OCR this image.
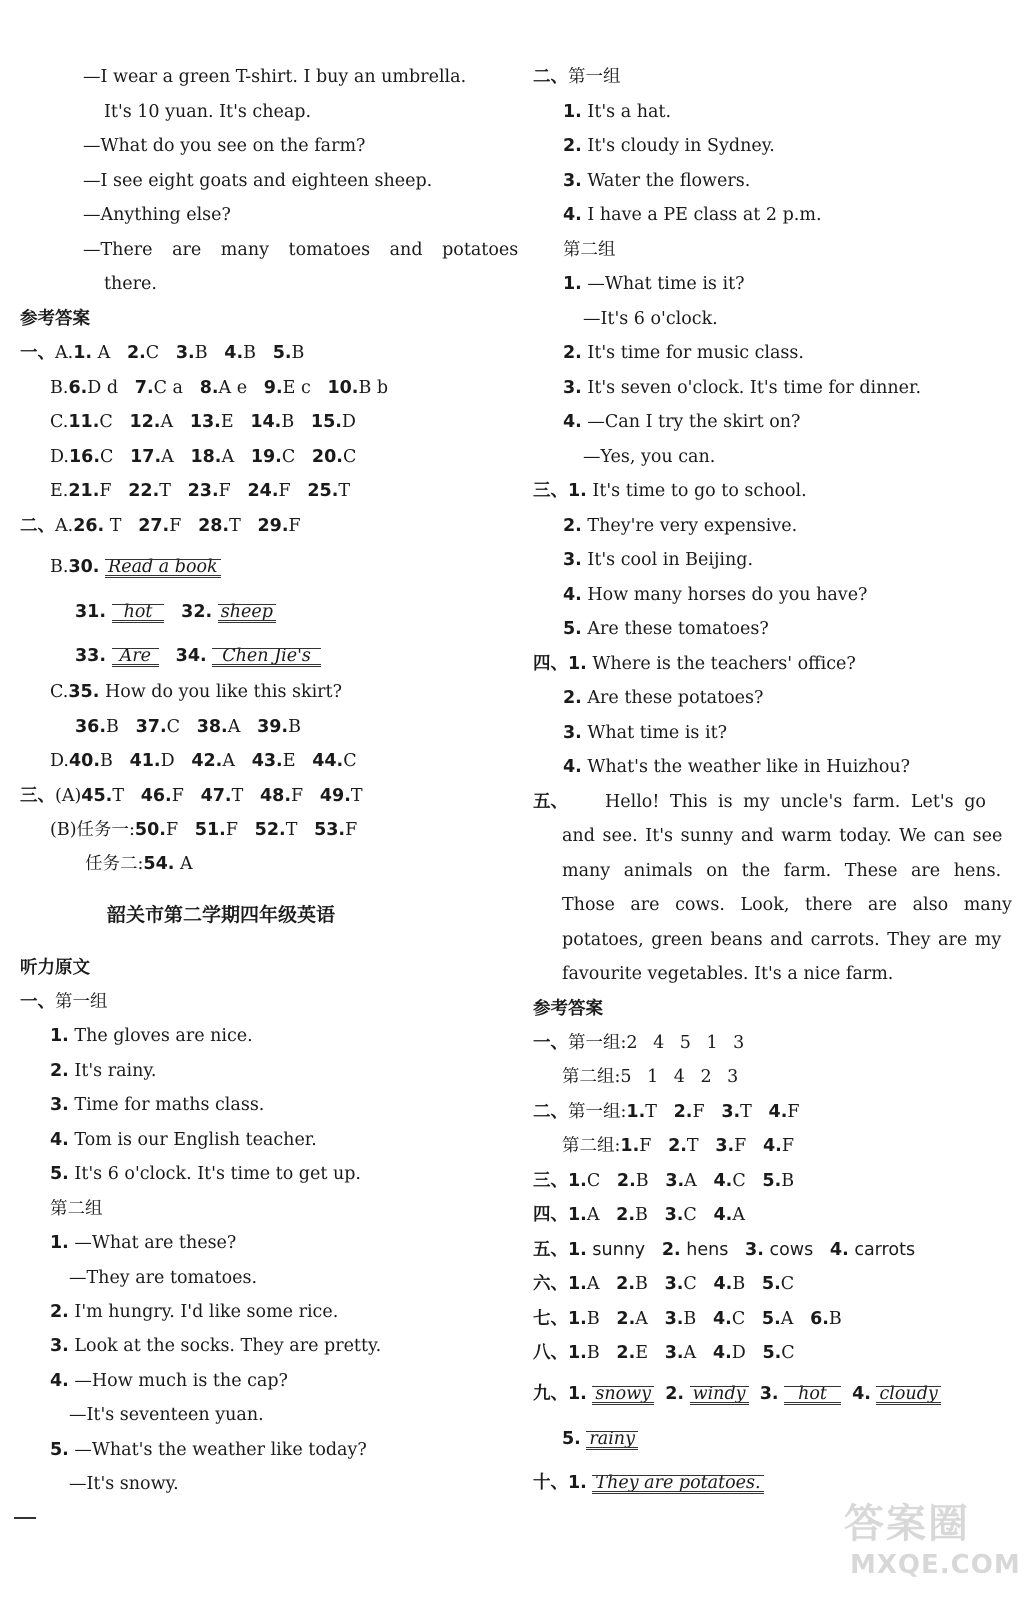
—I wear a green T-shirt. I buy an umbrella.
It's 10 yuan. It's cheap.
—What do you see on the farm?
—I see eight goats and eighteen sheep.
—Anything else?
—There are many tomatoes and potatoes
there.
参考答案
一、A.1. A 2.C 3.B 4.B 5.B
B.6.D d 7.C a 8.A e 9.E c 10.B b
C.11.C 12.A 13.E 14.B 15.D
D.16.C 17.A 18.A 19.C 20.C
E.21.F 22.T 23.F 24.F 25.T
二、A.26. T 27.F 28.T 29.F
B.30. Read a book
31. hot 32. sheep
33. Are 34. Chen Jie's
C.35. How do you like this skirt?
36.B 37.C 38.A 39.B
D.40.B 41.D 42.A 43.E 44.C
三、(A)45.T 46.F 47.T 48.F 49.T
(B)任务一:50.F 51.F 52.T 53.F
任务二:54. A
韶关市第二学期四年级英语
听力原文
一、第一组
1. The gloves are nice.
2. It's rainy.
3. Time for maths class.
4. Tom is our English teacher.
5. It's 6 o'clock. It's time to get up.
第二组
1. —What are these?
—They are tomatoes.
2. I'm hungry. I'd like some rice.
3. Look at the socks. They are pretty.
4. —How much is the cap?
—It's seventeen yuan.
5. —What's the weather like today?
—It's snowy.
二、第一组
1. It's a hat.
2. It's cloudy in Sydney.
3. Water the flowers.
4. I have a PE class at 2 p.m.
第二组
1. —What time is it?
—It's 6 o'clock.
2. It's time for music class.
3. It's seven o'clock. It's time for dinner.
4. —Can I try the skirt on?
—Yes, you can.
三、1. It's time to go to school.
2. They're very expensive.
3. It's cool in Beijing.
4. How many horses do you have?
5. Are these tomatoes?
四、1. Where is the teachers' office?
2. Are these potatoes?
3. What time is it?
4. What's the weather like in Huizhou?
五、 Hello! This is my uncle's farm. Let's go
and see. It's sunny and warm today. We can see
many animals on the farm. These are hens.
Those are cows. Look, there are also many
potatoes, green beans and carrots. They are my
favourite vegetables. It's a nice farm.
参考答案
一、第一组:2 4 5 1 3
第二组:5 1 4 2 3
二、第一组:1.T 2.F 3.T 4.F
第二组:1.F 2.T 3.F 4.F
三、1.C 2.B 3.A 4.C 5.B
四、1.A 2.B 3.C 4.A
五、1. sunny 2. hens 3. cows 4. carrots
六、1.A 2.B 3.C 4.B 5.C
七、1.B 2.A 3.B 4.C 5.A 6.B
八、1.B 2.E 3.A 4.D 5.C
九、1. snowy 2. windy 3. hot 4. cloudy
5. rainy
十、1. They are potatoes.
答案圈
MXQE.COM
